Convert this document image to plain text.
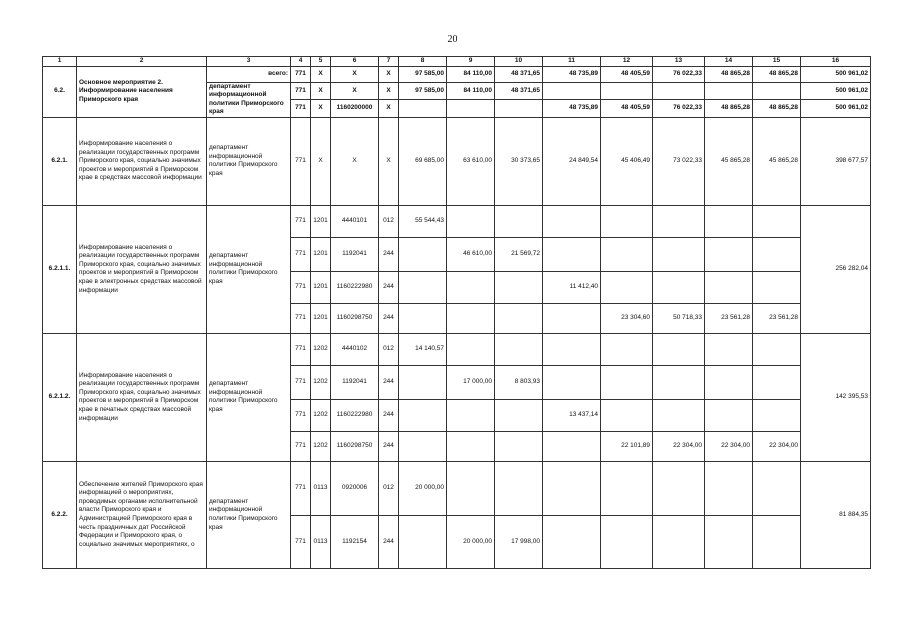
20
1	2	3	4	5	6	7	8	9	10	11	12	13	14	15	16
6.2.	Основное мероприятие 2. Информирование населения Приморского края	всего:	771	Х	Х	Х	97 585,00	84 110,00	48 371,65	48 735,89	48 405,59	76 022,33	48 865,28	48 865,28	500 961,02
		департамент информационной политики Приморского края	771	Х	Х	Х	97 585,00	84 110,00	48 371,65						500 961,02
			771	Х	1160200000	Х				48 735,89	48 405,59	76 022,33	48 865,28	48 865,28	500 961,02
6.2.1.	Информирование населения о реализации государственных программ Приморского края, социально значимых проектов и мероприятий в Приморском крае в средствах массовой информации	департамент информационной политики Приморского края	771	Х	Х	Х	69 685,00	63 610,00	30 373,65	24 849,54	45 406,49	73 022,33	45 865,28	45 865,28	398 677,57
6.2.1.1.	Информирование населения о реализации государственных программ Приморского края, социально значимых проектов и мероприятий в Приморском крае в электронных средствах массовой информации	департамент информационной политики Приморского края	771	1201	4440101	012	55 544,43								256 282,04
			771	1201	1192041	244		46 610,00	21 569,72						
			771	1201	1160222980	244				11 412,40					
			771	1201	1160298750	244					23 304,60	50 718,33	23 561,28	23 561,28	
6.2.1.2.	Информирование населения о реализации государственных программ Приморского края, социально значимых проектов и мероприятий в Приморском крае в печатных средствах массовой информации	департамент информационной политики Приморского края	771	1202	4440102	012	14 140,57								142 395,53
			771	1202	1192041	244		17 000,00	8 803,93						
			771	1202	1160222980	244				13 437,14					
			771	1202	1160298750	244					22 101,89	22 304,00	22 304,00	22 304,00	
6.2.2.	Обеспечение жителей Приморского края информацией о мероприятиях, проводимых органами исполнительной власти Приморского края и Администрацией Приморского края в честь праздничных дат Российской Федерации и Приморского края, о социально значимых мероприятиях, о	департамент информационной политики Приморского края	771	0113	0920006	012	20 000,00								81 884,35
			771	0113	1192154	244		20 000,00	17 998,00						
